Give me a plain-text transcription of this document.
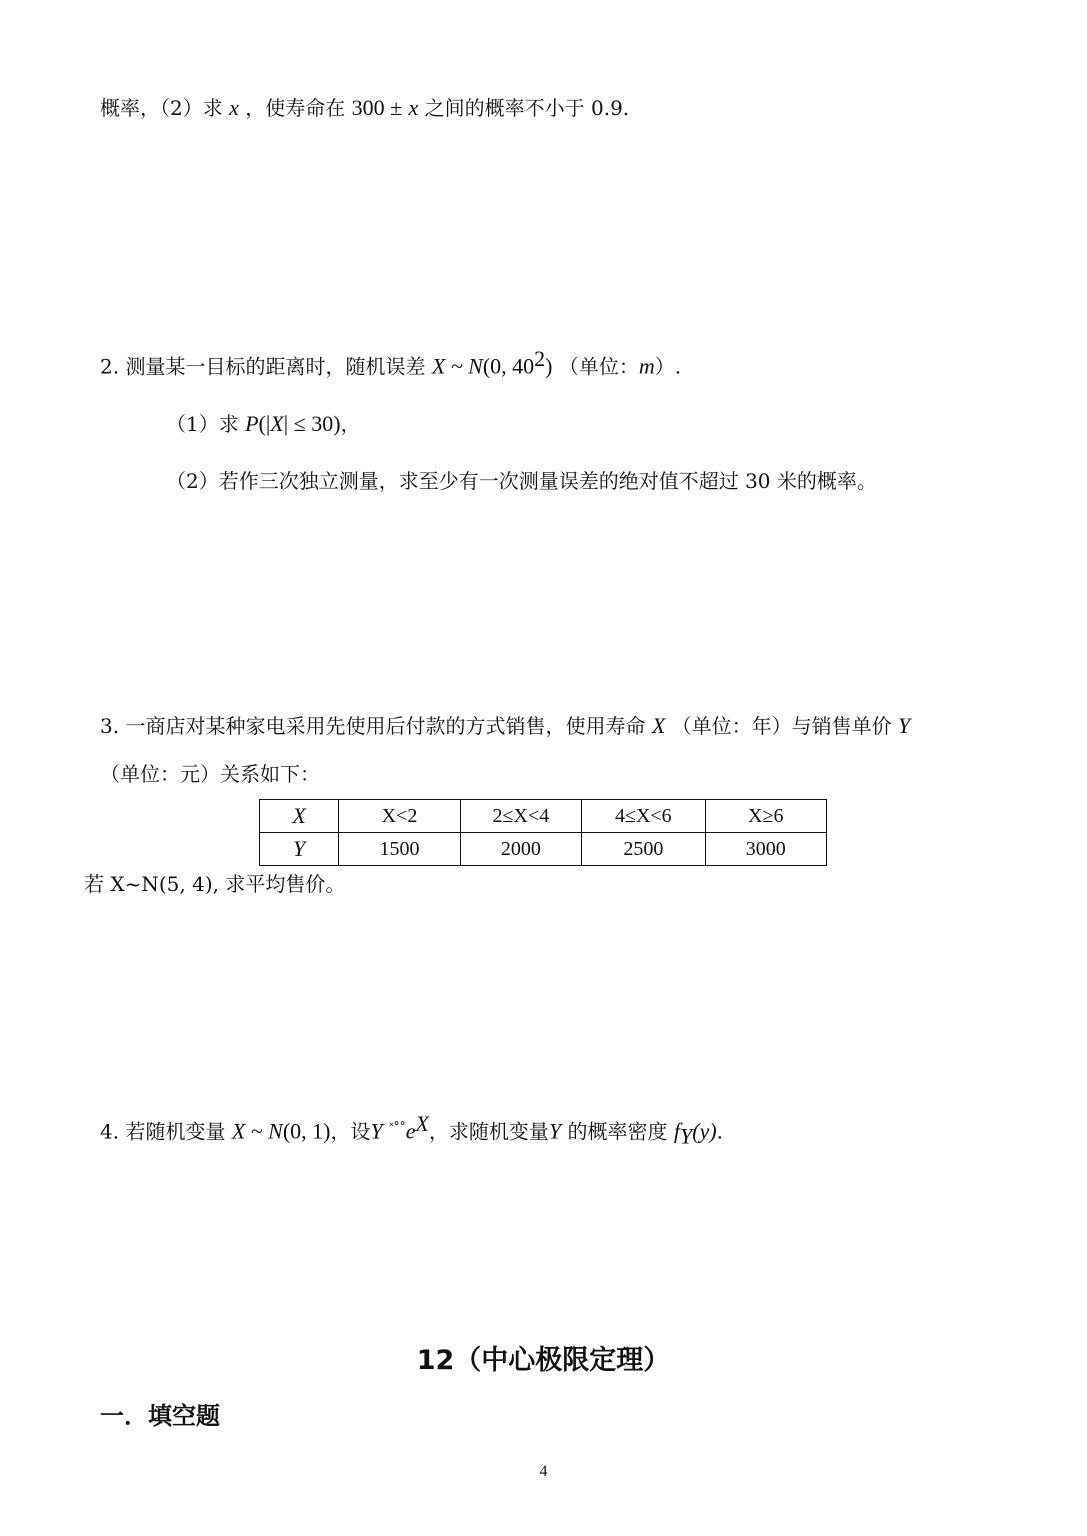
概率，（2）求 x ，使寿命在 300 ± x 之间的概率不小于 0.9.
2. 测量某一目标的距离时，随机误差 X ~ N(0, $40^2$) （单位：m）.
（1）求 P(|X| ≤ 30)，
（2）若作三次独立测量，求至少有一次测量误差的绝对值不超过 30 米的概率。
3. 一商店对某种家电采用先使用后付款的方式销售，使用寿命 X （单位：年）与销售单价 Y
（单位：元）关系如下：
X	X<2	2≤X<4	4≤X<6	X≥6
Y	1500	2000	2500	3000
若 X~N(5, 4), 求平均售价。
4. 若随机变量 X ~ N(0, 1)，设Y $^{˟^\circ^\circ}e^X$，求随机变量Y 的概率密度 $f_Y(y)$.
12（中心极限定理）
一．填空题
4
